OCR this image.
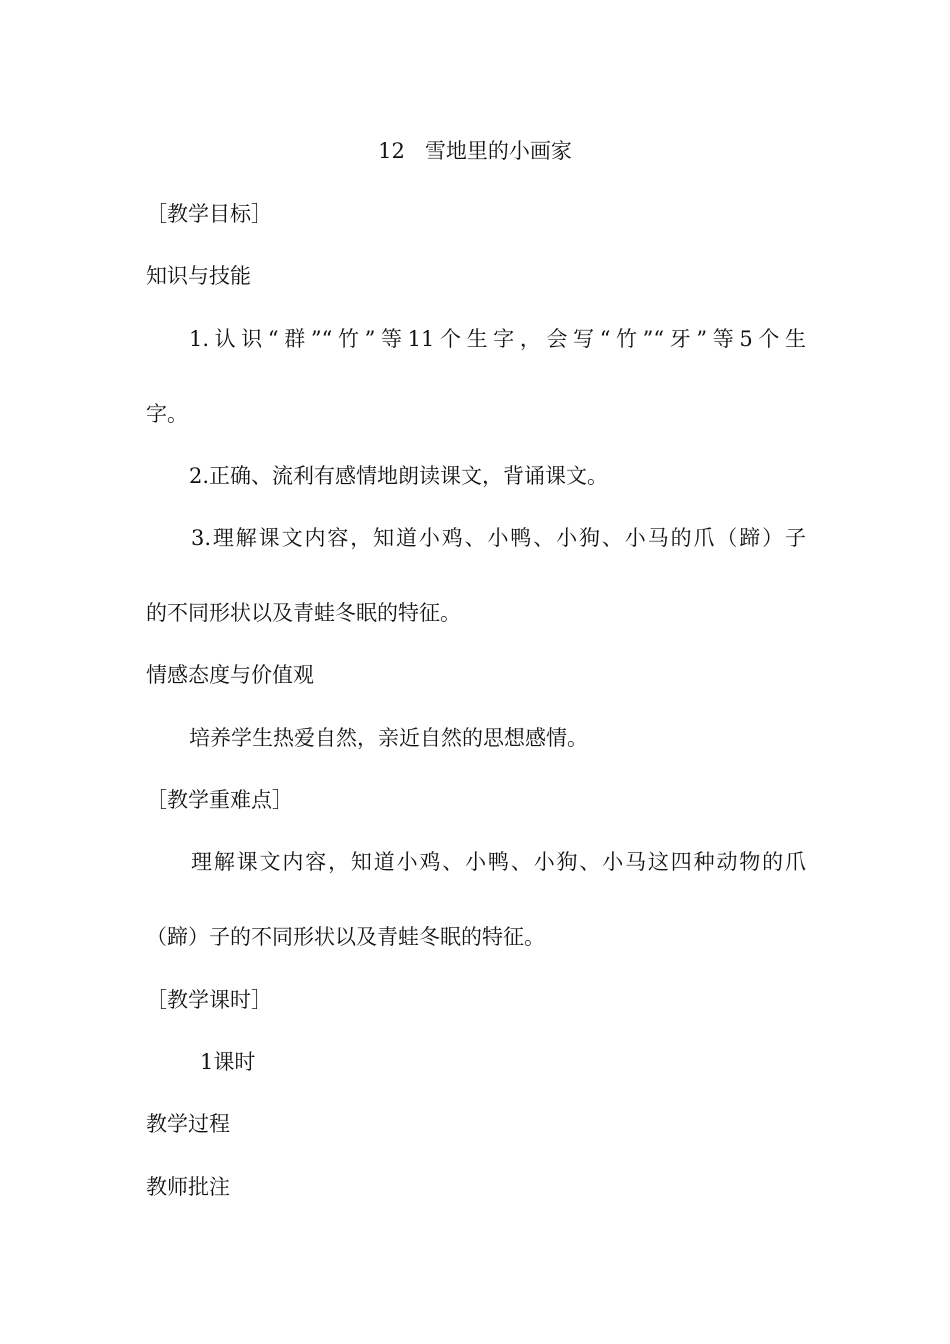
12 雪地里的小画家
［教学目标］
知识与技能
1.认识“群”“竹”等11个生字，会写“竹”“牙”等5个生
字。
2.正确、流利有感情地朗读课文，背诵课文。
3.理解课文内容，知道小鸡、小鸭、小狗、小马的爪（蹄）子
的不同形状以及青蛙冬眠的特征。
情感态度与价值观
培养学生热爱自然，亲近自然的思想感情。
［教学重难点］
理解课文内容，知道小鸡、小鸭、小狗、小马这四种动物的爪
（蹄）子的不同形状以及青蛙冬眠的特征。
［教学课时］
1课时
教学过程
教师批注
